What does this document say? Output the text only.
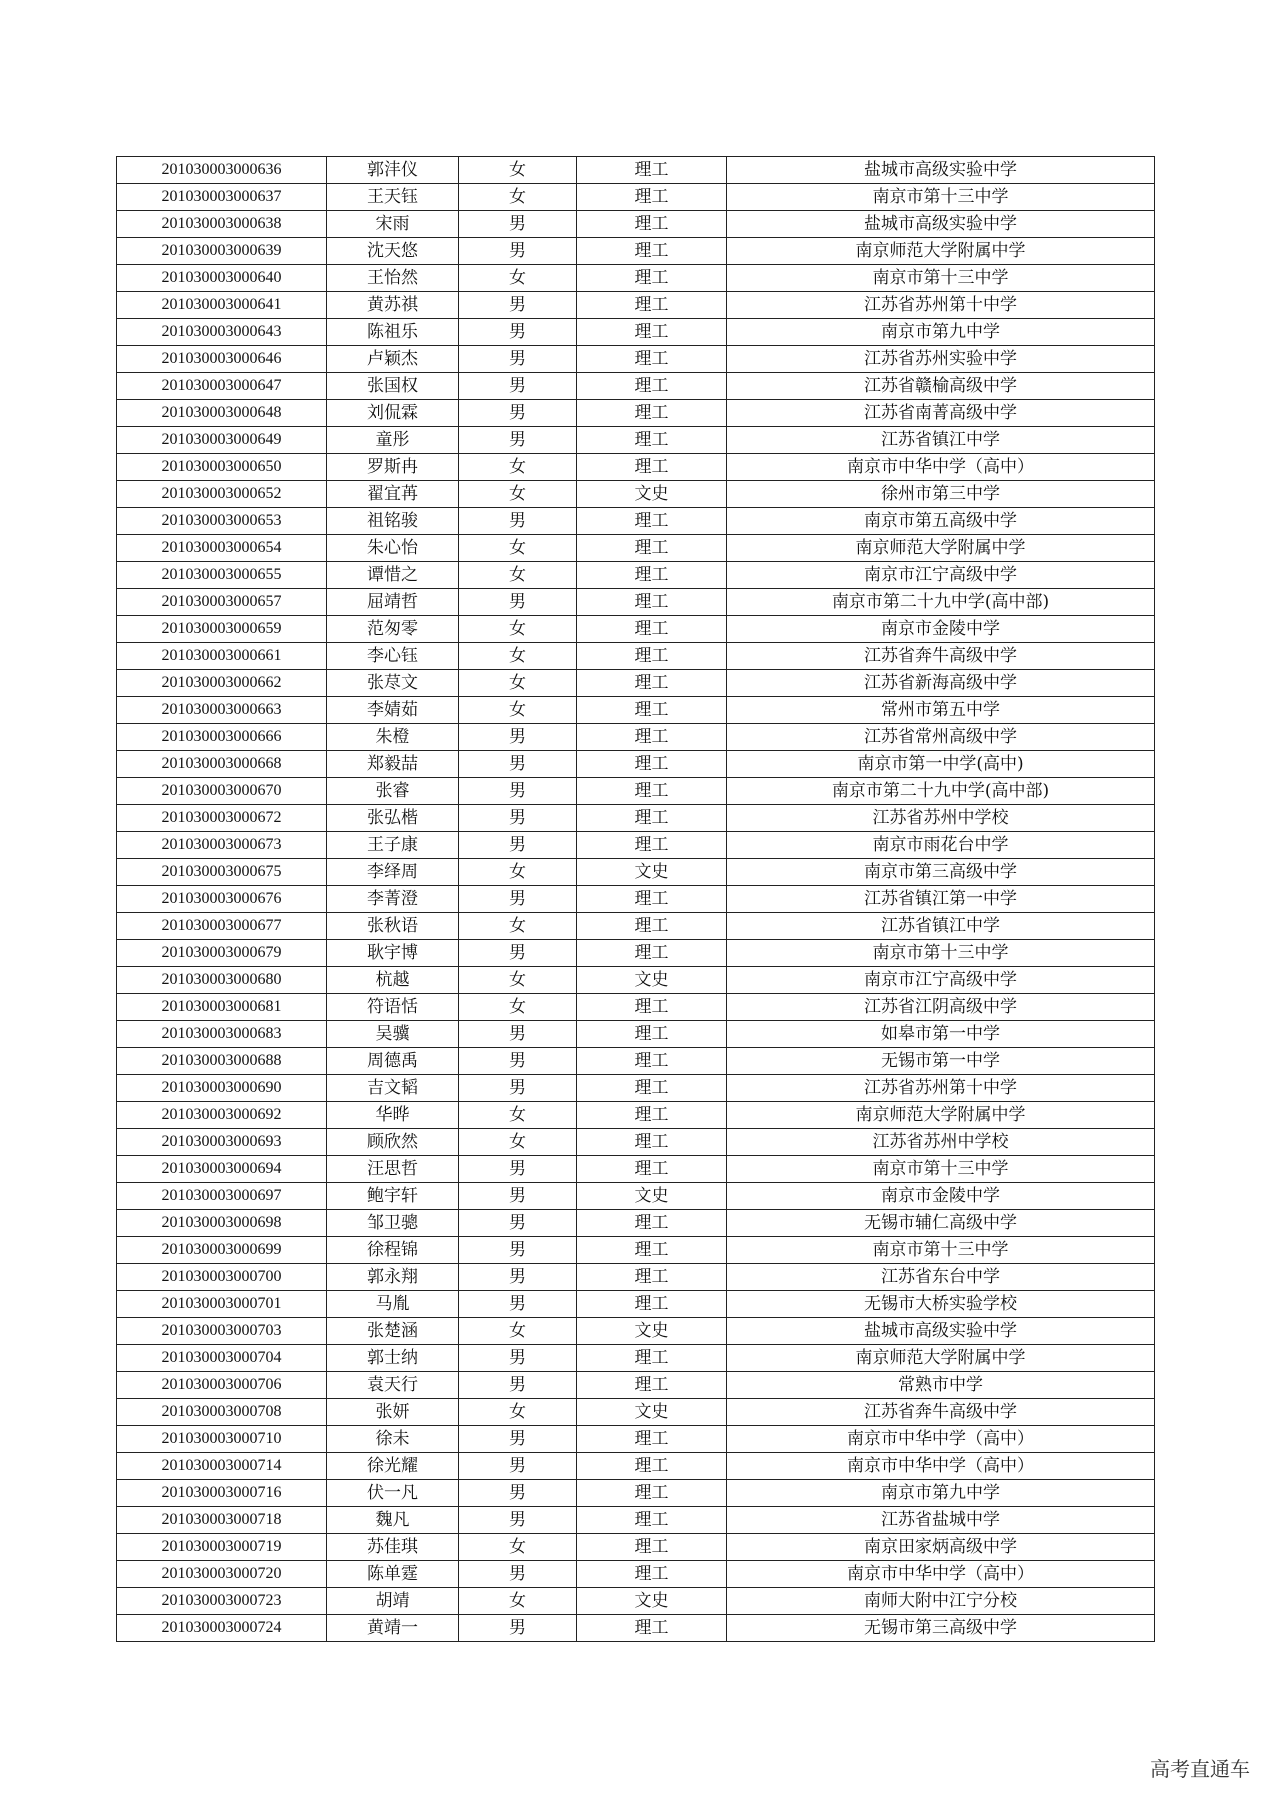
201030003000636	郭沣仪	女	理工	盐城市高级实验中学
201030003000637	王天钰	女	理工	南京市第十三中学
201030003000638	宋雨	男	理工	盐城市高级实验中学
201030003000639	沈天悠	男	理工	南京师范大学附属中学
201030003000640	王怡然	女	理工	南京市第十三中学
201030003000641	黄苏祺	男	理工	江苏省苏州第十中学
201030003000643	陈祖乐	男	理工	南京市第九中学
201030003000646	卢颖杰	男	理工	江苏省苏州实验中学
201030003000647	张国权	男	理工	江苏省赣榆高级中学
201030003000648	刘侃霖	男	理工	江苏省南菁高级中学
201030003000649	童彤	男	理工	江苏省镇江中学
201030003000650	罗斯冉	女	理工	南京市中华中学（高中）
201030003000652	翟宜苒	女	文史	徐州市第三中学
201030003000653	祖铭骏	男	理工	南京市第五高级中学
201030003000654	朱心怡	女	理工	南京师范大学附属中学
201030003000655	谭惜之	女	理工	南京市江宁高级中学
201030003000657	屈靖哲	男	理工	南京市第二十九中学(高中部)
201030003000659	范匆零	女	理工	南京市金陵中学
201030003000661	李心钰	女	理工	江苏省奔牛高级中学
201030003000662	张荩文	女	理工	江苏省新海高级中学
201030003000663	李婧茹	女	理工	常州市第五中学
201030003000666	朱橙	男	理工	江苏省常州高级中学
201030003000668	郑毅喆	男	理工	南京市第一中学(高中)
201030003000670	张睿	男	理工	南京市第二十九中学(高中部)
201030003000672	张弘楷	男	理工	江苏省苏州中学校
201030003000673	王子康	男	理工	南京市雨花台中学
201030003000675	李绎周	女	文史	南京市第三高级中学
201030003000676	李菁澄	男	理工	江苏省镇江第一中学
201030003000677	张秋语	女	理工	江苏省镇江中学
201030003000679	耿宇博	男	理工	南京市第十三中学
201030003000680	杭越	女	文史	南京市江宁高级中学
201030003000681	符语恬	女	理工	江苏省江阴高级中学
201030003000683	吴骥	男	理工	如皋市第一中学
201030003000688	周德禹	男	理工	无锡市第一中学
201030003000690	吉文韬	男	理工	江苏省苏州第十中学
201030003000692	华晔	女	理工	南京师范大学附属中学
201030003000693	顾欣然	女	理工	江苏省苏州中学校
201030003000694	汪思哲	男	理工	南京市第十三中学
201030003000697	鲍宇轩	男	文史	南京市金陵中学
201030003000698	邹卫骢	男	理工	无锡市辅仁高级中学
201030003000699	徐程锦	男	理工	南京市第十三中学
201030003000700	郭永翔	男	理工	江苏省东台中学
201030003000701	马胤	男	理工	无锡市大桥实验学校
201030003000703	张楚涵	女	文史	盐城市高级实验中学
201030003000704	郭士纳	男	理工	南京师范大学附属中学
201030003000706	袁天行	男	理工	常熟市中学
201030003000708	张妍	女	文史	江苏省奔牛高级中学
201030003000710	徐未	男	理工	南京市中华中学（高中）
201030003000714	徐光耀	男	理工	南京市中华中学（高中）
201030003000716	伏一凡	男	理工	南京市第九中学
201030003000718	魏凡	男	理工	江苏省盐城中学
201030003000719	苏佳琪	女	理工	南京田家炳高级中学
201030003000720	陈单霆	男	理工	南京市中华中学（高中）
201030003000723	胡靖	女	文史	南师大附中江宁分校
201030003000724	黄靖一	男	理工	无锡市第三高级中学
高考直通车
